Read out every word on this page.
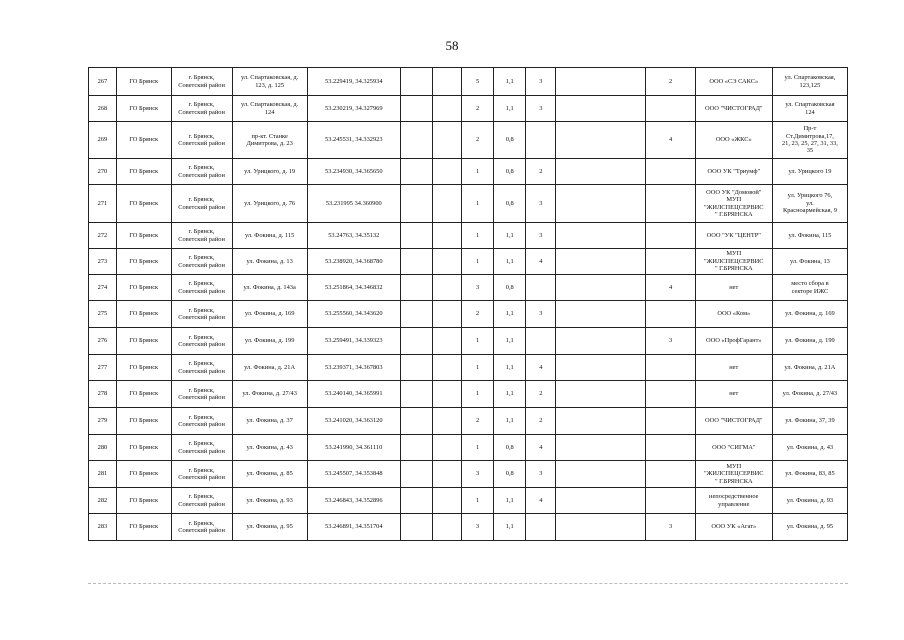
58
267	ГО Брянск	г. Брянск,
Советский район	ул. Спартаковская, д.
123, д. 125	53.229419, 34.325934			5	1,1	3		2	ООО «СЭ САКС»	ул. Спартаковская,
123,125
268	ГО Брянск	г. Брянск,
Советский район	ул. Спартаковская, д.
124	53.230219, 34.327969			2	1,1	3			ООО "ЧИСТОГРАД"	ул. Спартаковская
124
269	ГО Брянск	г. Брянск,
Советский район	пр-кт. Станке
Димитрова, д. 23	53.245531, 34.332923			2	0,8			4	ООО «ЖКС»	Пр-т
Ст.Димитрова,17,
21, 23, 25, 27, 31, 33,
35
270	ГО Брянск	г. Брянск,
Советский район	ул. Урицкого, д. 19	53.234930, 34.365650			1	0,8	2			ООО УК "Триумф"	ул. Урицкого 19
271	ГО Брянск	г. Брянск,
Советский район	ул. Урицкого, д. 76	53.231995 34.360900			1	0,8	3			ООО УК "Домовой"
МУП
"ЖИЛСПЕЦСЕРВИС
" Г.БРЯНСКА	ул. Урицкого 76,
ул.
Красноармейская, 9
272	ГО Брянск	г. Брянск,
Советский район	ул. Фокина, д. 115	53.24763, 34.35132			1	1,1	3			ООО "УК "ЦЕНТР"	ул. Фокина, 115
273	ГО Брянск	г. Брянск,
Советский район	ул. Фокина, д. 13	53.238920, 34.368780			1	1,1	4			МУП
"ЖИЛСПЕЦСЕРВИС
" Г.БРЯНСКА	ул. Фокина, 13
274	ГО Брянск	г. Брянск,
Советский район	ул. Фокина, д. 143а	53.251864, 34.346832			3	0,8			4	нет	место сбора в
секторе ИЖС
275	ГО Брянск	г. Брянск,
Советский район	ул. Фокина, д. 169	53.255560, 34.343620			2	1,1	3			ООО «Ком»	ул. Фокина, д. 169
276	ГО Брянск	г. Брянск,
Советский район	ул. Фокина, д. 199	53.259491, 34.339323			1	1,1			3	ООО «ПрофГарант»	ул. Фокина, д. 199
277	ГО Брянск	г. Брянск,
Советский район	ул. Фокина, д. 21А	53.239371, 34.367803			1	1,1	4			нет	ул. Фокина, д. 21А
278	ГО Брянск	г. Брянск,
Советский район	ул. Фокина, д. 27/43	53.240140, 34.365991			1	1,1	2			нет	ул. Фокина, д. 27/43
279	ГО Брянск	г. Брянск,
Советский район	ул. Фокина, д. 37	53.241020, 34.363120			2	1,1	2			ООО "ЧИСТОГРАД"	ул. Фокина, 37, 39
280	ГО Брянск	г. Брянск,
Советский район	ул. Фокина, д. 43	53.241990, 34.361110			1	0,8	4			ООО "СИГМА"	ул. Фокина, д. 43
281	ГО Брянск	г. Брянск,
Советский район	ул. Фокина, д. 85	53.245507, 34.353848			3	0,8	3			МУП
"ЖИЛСПЕЦСЕРВИС
" Г.БРЯНСКА	ул. Фокина, 83, 85
282	ГО Брянск	г. Брянск,
Советский район	ул. Фокина, д. 93	53.246843, 34.352896			1	1,1	4			непосредственное
управление	ул. Фокина, д. 93
283	ГО Брянск	г. Брянск,
Советский район	ул. Фокина, д. 95	53.246891, 34.351704			3	1,1			3	ООО УК «Агат»	ул. Фокина, д. 95
